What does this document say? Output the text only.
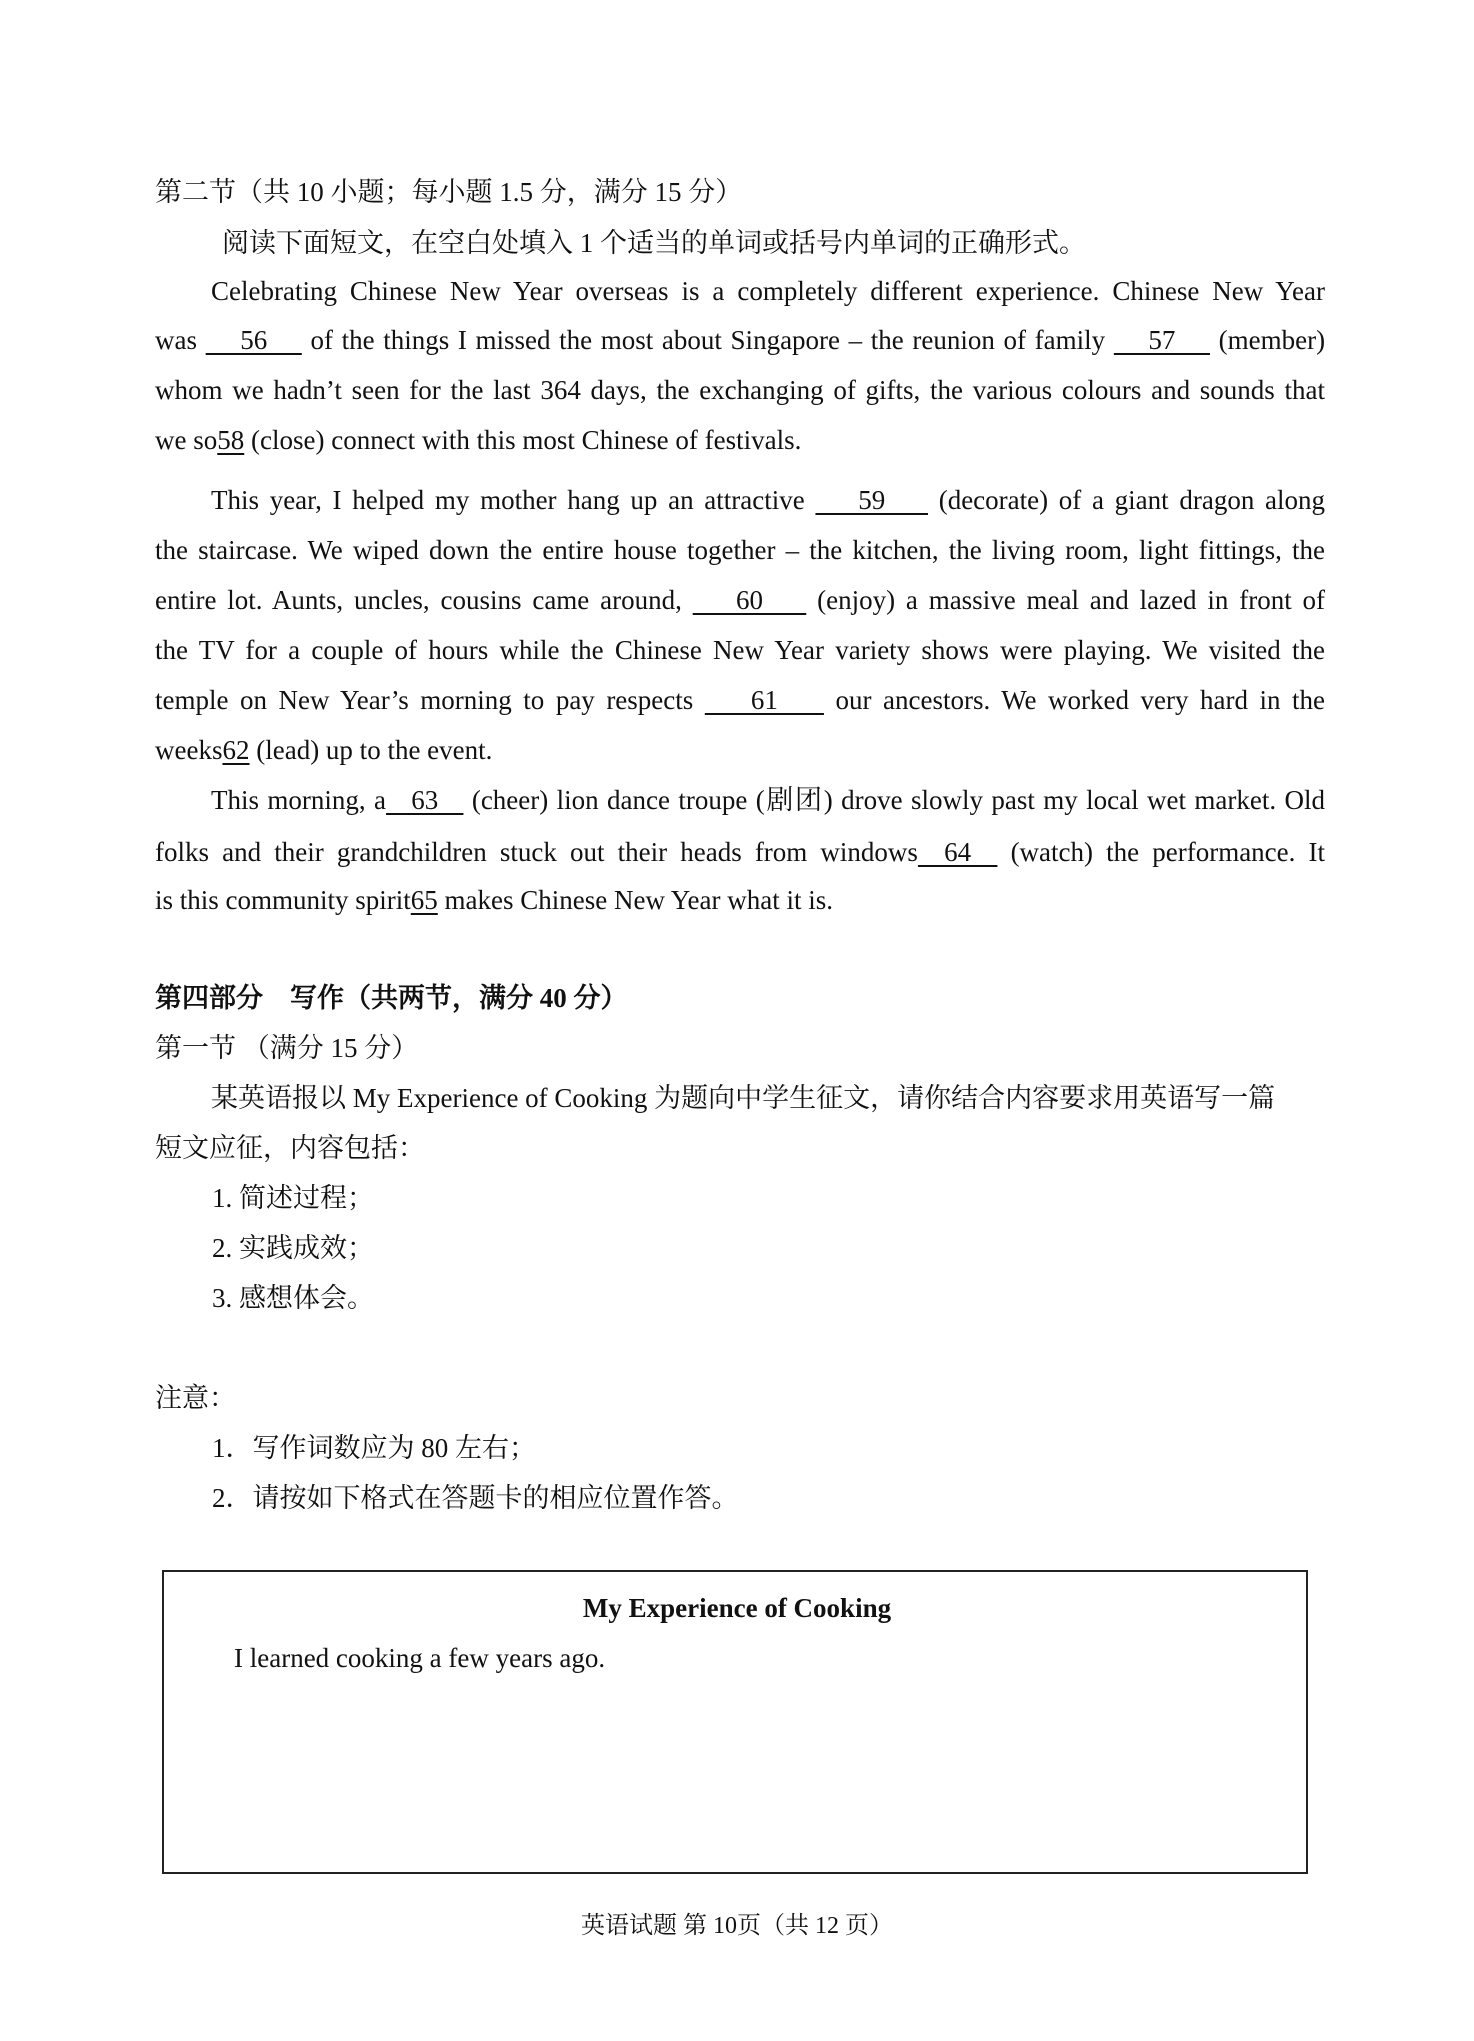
第二节（共 10 小题；每小题 1.5 分，满分 15 分）
阅读下面短文，在空白处填入 1 个适当的单词或括号内单词的正确形式。
Celebrating Chinese New Year overseas is a completely different experience. Chinese New Year
was     56     of the things I missed the most about Singapore – the reunion of family     57     (member)
whom we hadn’t seen for the last 364 days, the exchanging of gifts, the various colours and sounds that
we so58 (close) connect with this most Chinese of festivals.
This year, I helped my mother hang up an attractive     59     (decorate) of a giant dragon along
the staircase. We wiped down the entire house together – the kitchen, the living room, light fittings, the
entire lot. Aunts, uncles, cousins came around,     60     (enjoy) a massive meal and lazed in front of
the TV for a couple of hours while the Chinese New Year variety shows were playing. We visited the
temple on New Year’s morning to pay respects     61     our ancestors. We worked very hard in the
weeks62 (lead) up to the event.
This morning, a   63    (cheer) lion dance troupe (剧团) drove slowly past my local wet market. Old
folks and their grandchildren stuck out their heads from windows  64   (watch) the performance. It
is this community spirit65 makes Chinese New Year what it is.
第四部分　写作（共两节，满分 40 分）
第一节 （满分 15 分）
某英语报以 My Experience of Cooking 为题向中学生征文，请你结合内容要求用英语写一篇
短文应征，内容包括：
1. 简述过程；
2. 实践成效；
3. 感想体会。
注意：
1．写作词数应为 80 左右；
2．请按如下格式在答题卡的相应位置作答。
My Experience of Cooking
I learned cooking a few years ago.
英语试题 第 10页（共 12 页）
